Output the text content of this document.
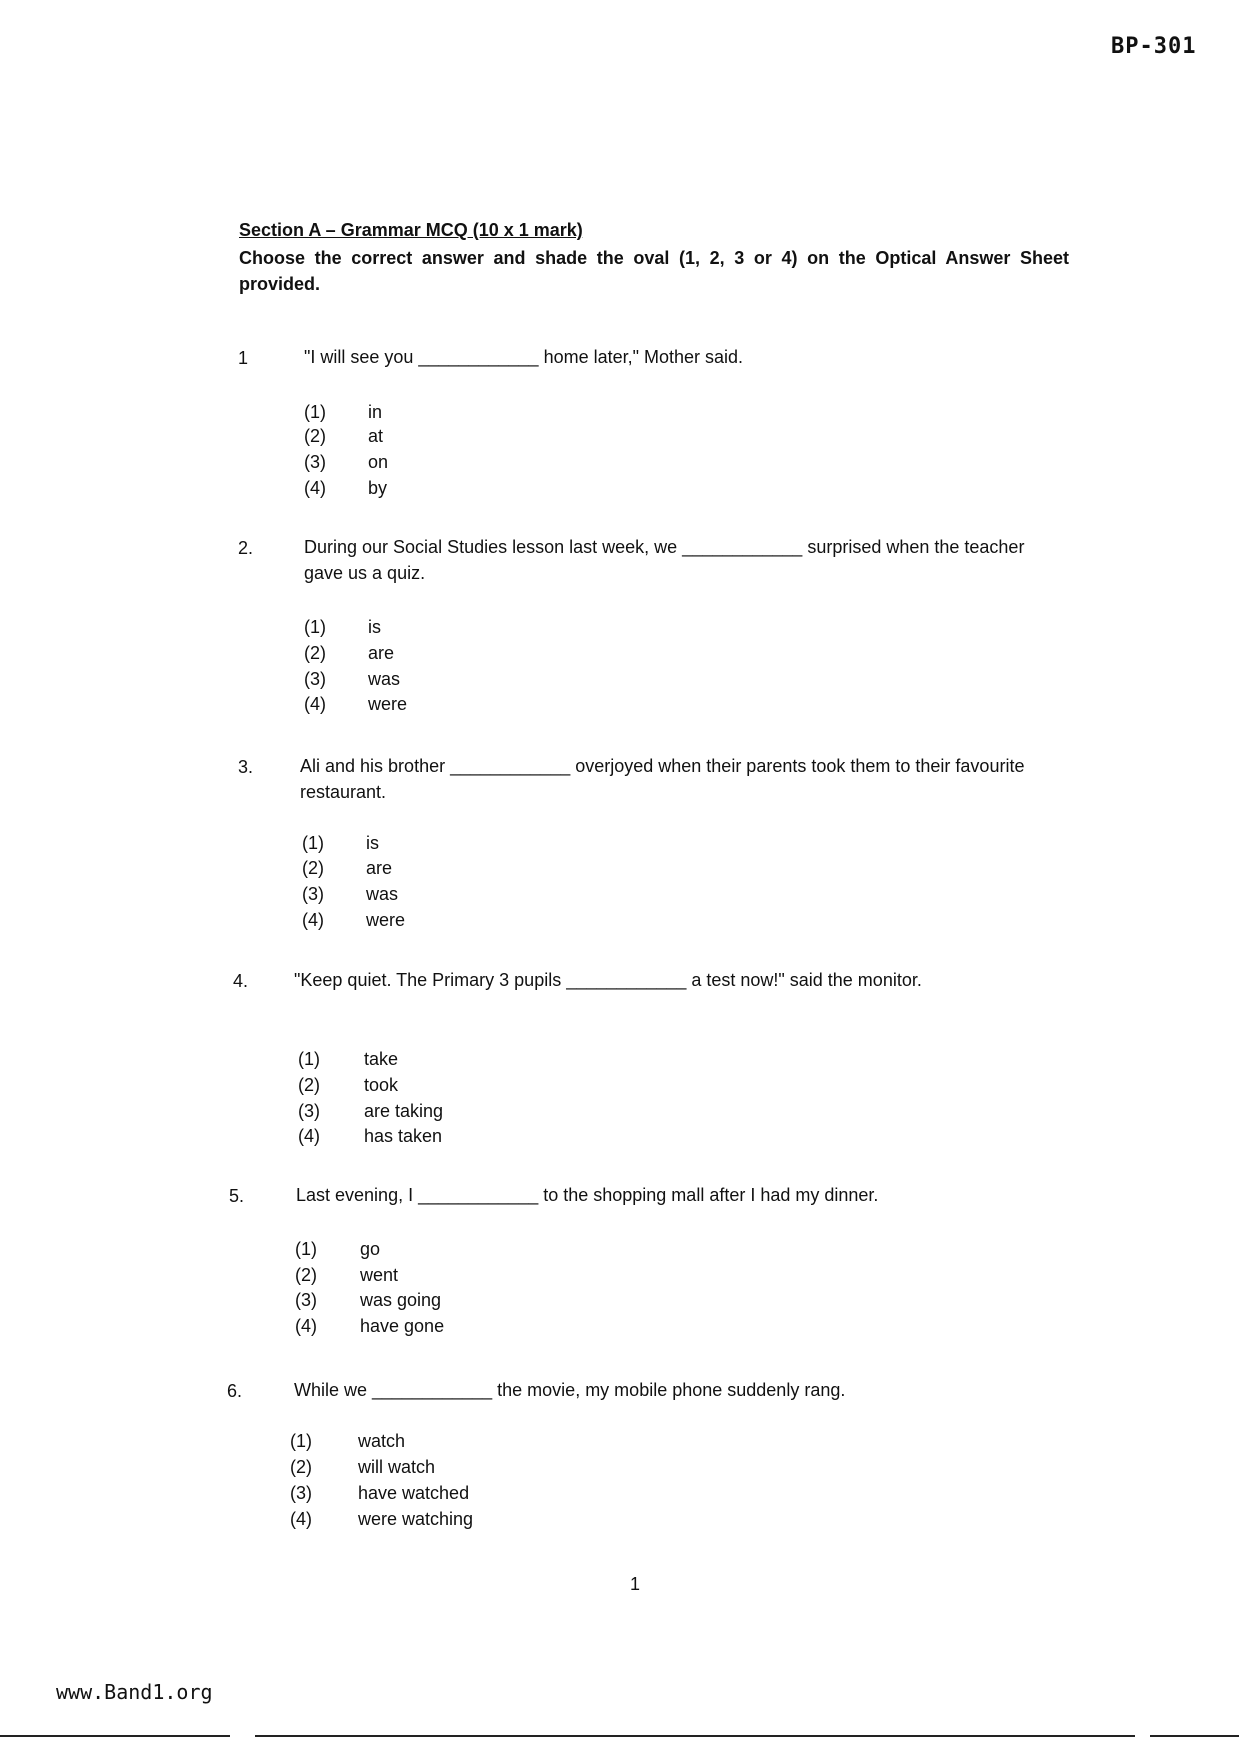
BP-301
Section A – Grammar MCQ (10 x 1 mark)
Choose the correct answer and shade the oval (1, 2, 3 or 4) on the Optical Answer Sheet provided.
1	"I will see you ____________ home later," Mother said.
(1)	in
(2)	at
(3)	on
(4)	by
2.	During our Social Studies lesson last week, we ____________ surprised when the teacher gave us a quiz.
(1)	is
(2)	are
(3)	was
(4)	were
3.	Ali and his brother ____________ overjoyed when their parents took them to their favourite restaurant.
(1)	is
(2)	are
(3)	was
(4)	were
4.	"Keep quiet. The Primary 3 pupils ____________ a test now!" said the monitor.
(1)	take
(2)	took
(3)	are taking
(4)	has taken
5.	Last evening, I ____________ to the shopping mall after I had my dinner.
(1)	go
(2)	went
(3)	was going
(4)	have gone
6.	While we ____________ the movie, my mobile phone suddenly rang.
(1)	watch
(2)	will watch
(3)	have watched
(4)	were watching
1
www.Band1.org
